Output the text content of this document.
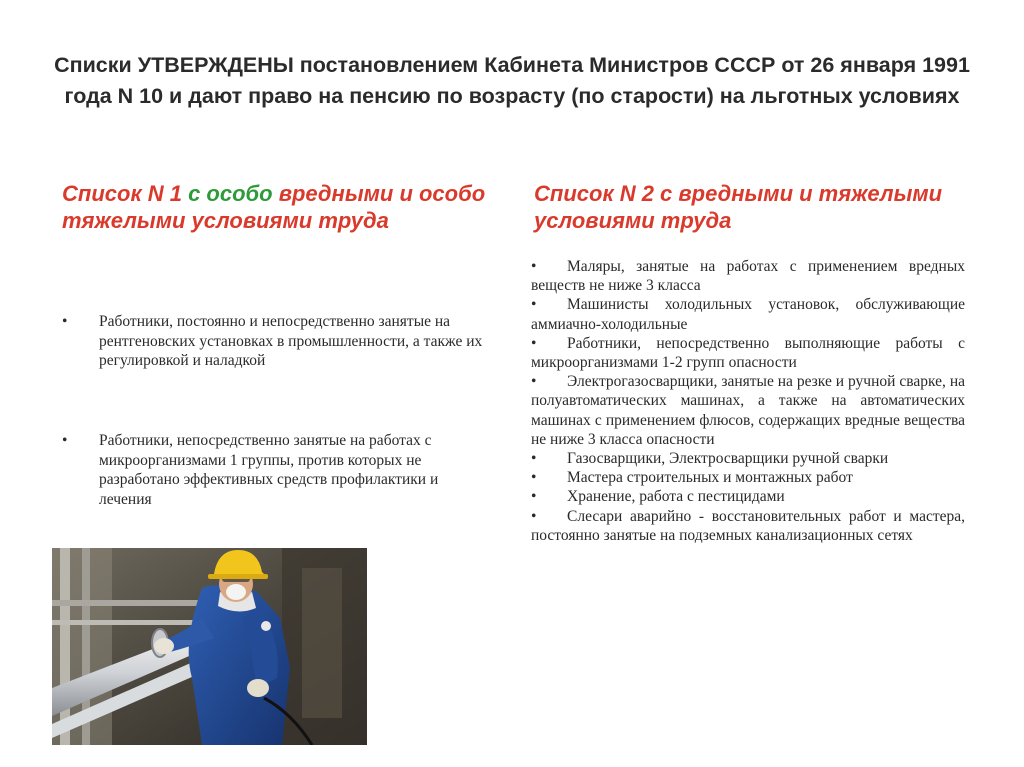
Списки УТВЕРЖДЕНЫ постановлением Кабинета Министров СССР от 26 января 1991 года N 10 и дают право на пенсию по возрасту (по старости) на льготных условиях
Список N 1 с особо вредными и особо тяжелыми условиями труда
Список N 2 с вредными и тяжелыми условиями труда
• Работники, постоянно и непосредственно занятые на рентгеновских установках в промышленности, а также их регулировкой и наладкой
• Работники, непосредственно занятые на работах с микроорганизмами 1 группы, против которых не разработано эффективных средств профилактики и лечения

• Маляры, занятые на работах с применением вредных веществ не ниже 3 класса

• Машинисты холодильных установок, обслуживающие аммиачно-холодильные

• Работники, непосредственно выполняющие работы с микроорганизмами 1-2 групп опасности

• Электрогазосварщики, занятые на резке и ручной сварке, на полуавтоматических машинах, а также на автоматических машинах с применением флюсов, содержащих вредные вещества не ниже 3 класса опасности

• Газосварщики, Электросварщики ручной сварки

• Мастера строительных и монтажных работ

• Хранение, работа с пестицидами

• Слесари аварийно - восстановительных работ и мастера, постоянно занятые на подземных канализационных сетях
